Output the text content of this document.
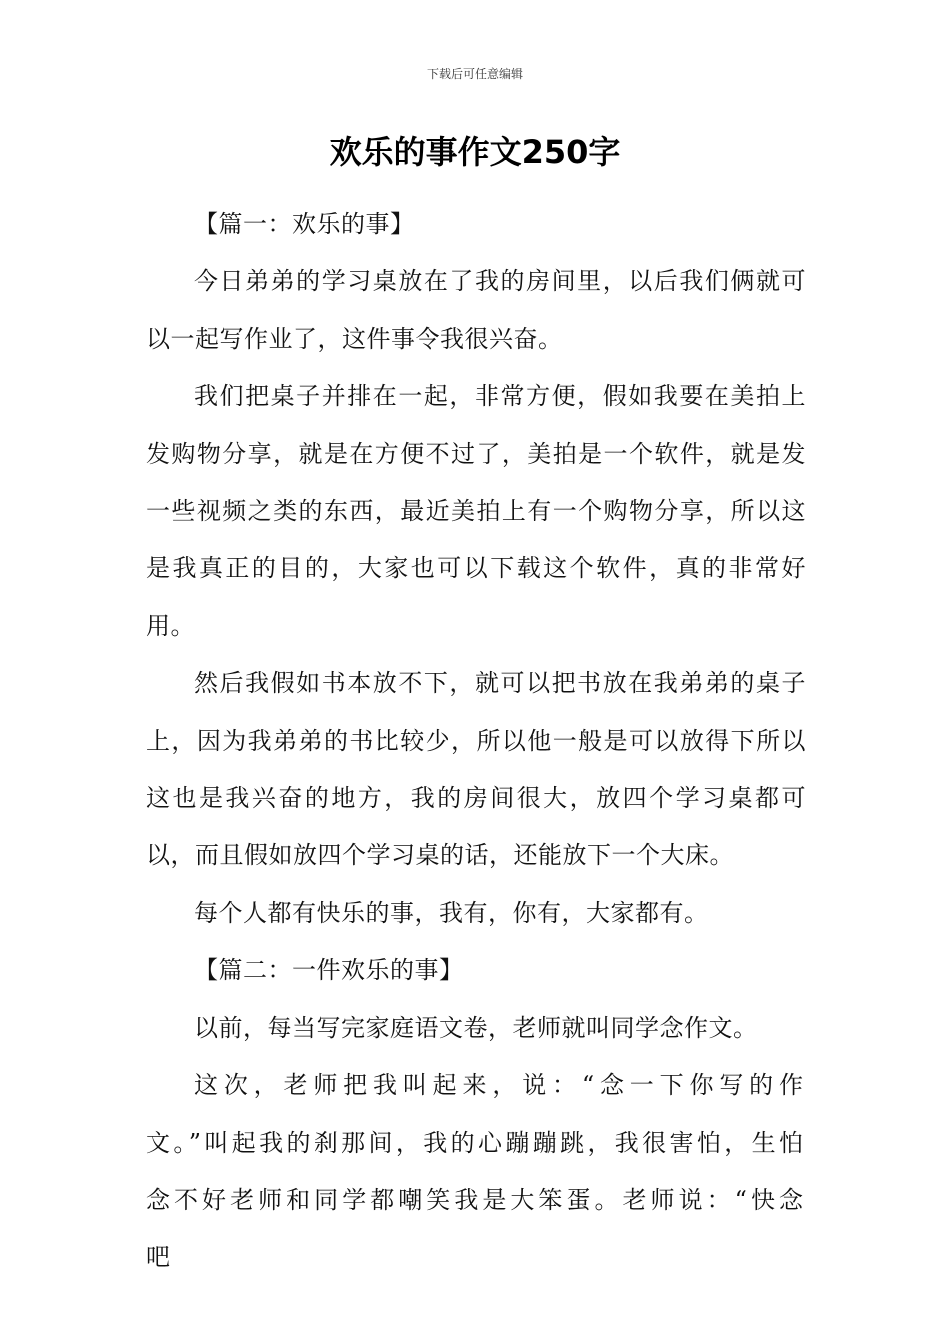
下载后可任意编辑
欢乐的事作文250字

【篇一：欢乐的事】

今日弟弟的学习桌放在了我的房间里，以后我们俩就可以一起写作业了，这件事令我很兴奋。

我们把桌子并排在一起，非常方便，假如我要在美拍上发购物分享，就是在方便不过了，美拍是一个软件，就是发一些视频之类的东西，最近美拍上有一个购物分享，所以这是我真正的目的，大家也可以下载这个软件，真的非常好用。

然后我假如书本放不下，就可以把书放在我弟弟的桌子上，因为我弟弟的书比较少，所以他一般是可以放得下所以这也是我兴奋的地方，我的房间很大，放四个学习桌都可以，而且假如放四个学习桌的话，还能放下一个大床。

每个人都有快乐的事，我有，你有，大家都有。

【篇二：一件欢乐的事】

以前，每当写完家庭语文卷，老师就叫同学念作文。

这次，老师把我叫起来，说：“念一下你写的作文。”叫起我的刹那间，我的心蹦蹦跳，我很害怕，生怕念不好老师和同学都嘲笑我是大笨蛋。老师说：“快念吧
